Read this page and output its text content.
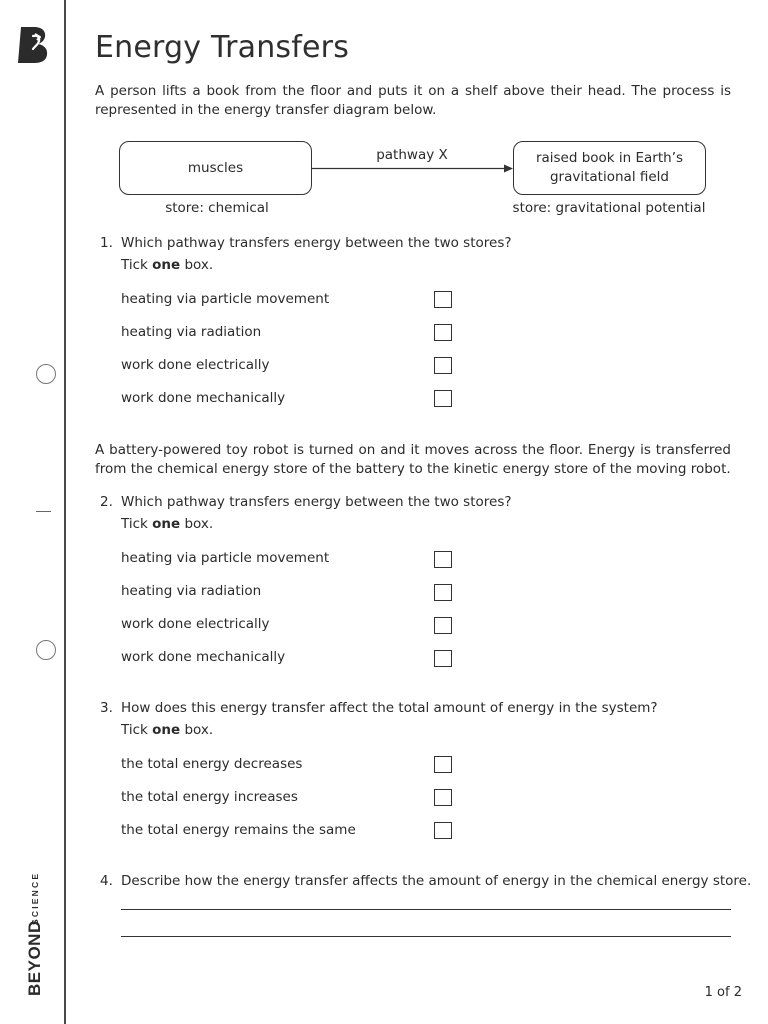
BEYOND
SCIENCE
Energy Transfers

A person lifts a book from the floor and puts it on a shelf above their head. The process is represented in the energy transfer diagram below.

muscles
raised book in Earth’s
gravitational field
pathway X
store: chemical	store: gravitational potential
1. Which pathway transfers energy between the two stores?
Tick one box.
heating via particle movement
heating via radiation
work done electrically
work done mechanically

A battery-powered toy robot is turned on and it moves across the floor. Energy is transferred from the chemical energy store of the battery to the kinetic energy store of the moving robot.

2. Which pathway transfers energy between the two stores?
Tick one box.
heating via particle movement
heating via radiation
work done electrically
work done mechanically
3. How does this energy transfer affect the total amount of energy in the system?
Tick one box.
the total energy decreases
the total energy increases
the total energy remains the same
4. Describe how the energy transfer affects the amount of energy in the chemical energy store.
1 of 2
